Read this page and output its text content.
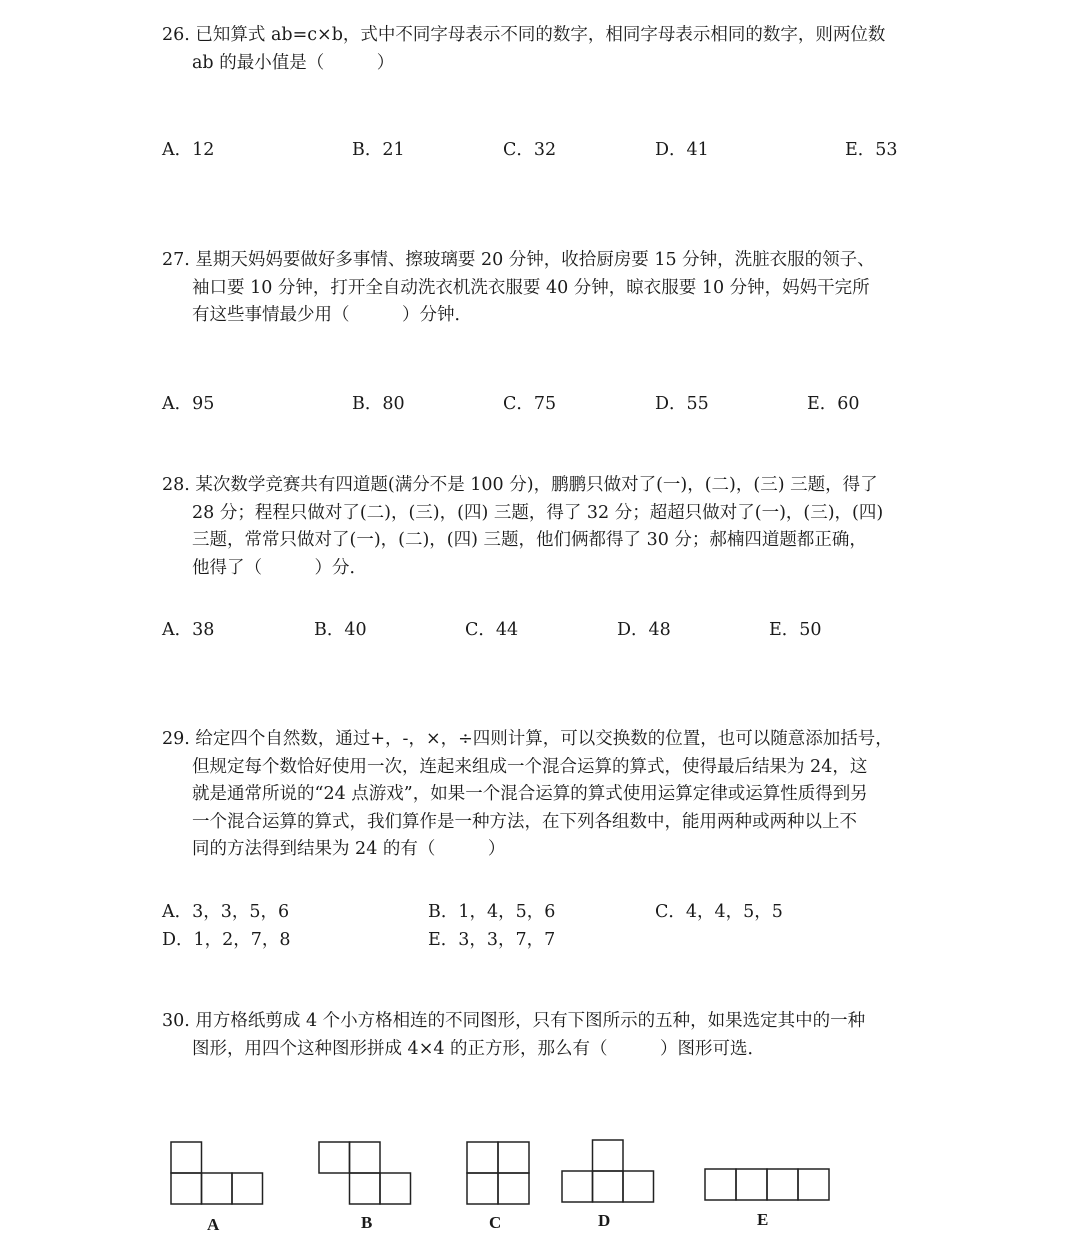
26. 已知算式 ab=c×b，式中不同字母表示不同的数字，相同字母表示相同的数字，则两位数
ab 的最小值是（　　　）
A．12	B．21	C．32	D．41	E．53
27. 星期天妈妈要做好多事情、擦玻璃要 20 分钟，收拾厨房要 15 分钟，洗脏衣服的领子、
袖口要 10 分钟，打开全自动洗衣机洗衣服要 40 分钟，晾衣服要 10 分钟，妈妈干完所
有这些事情最少用（　　　）分钟．
A．95	B．80	C．75	D．55	E．60
28. 某次数学竞赛共有四道题(满分不是 100 分)，鹏鹏只做对了(一)，(二)，(三) 三题，得了
28 分；程程只做对了(二)，(三)，(四) 三题，得了 32 分；超超只做对了(一)，(三)，(四)
三题，常常只做对了(一)，(二)，(四) 三题，他们俩都得了 30 分；郝楠四道题都正确，
他得了（　　　）分．
A．38	B．40	C．44	D．48	E．50
29. 给定四个自然数，通过+，-，×，÷四则计算，可以交换数的位置，也可以随意添加括号，
但规定每个数恰好使用一次，连起来组成一个混合运算的算式，使得最后结果为 24，这
就是通常所说的“24 点游戏”，如果一个混合运算的算式使用运算定律或运算性质得到另
一个混合运算的算式，我们算作是一种方法，在下列各组数中，能用两种或两种以上不
同的方法得到结果为 24 的有（　　　）
A．3，3，5，6	B．1，4，5，6	C．4，4，5，5
D．1，2，7，8	E．3，3，7，7
30. 用方格纸剪成 4 个小方格相连的不同图形，只有下图所示的五种，如果选定其中的一种
图形，用四个这种图形拼成 4×4 的正方形，那么有（　　　）图形可选．
A	B	C	D	E
